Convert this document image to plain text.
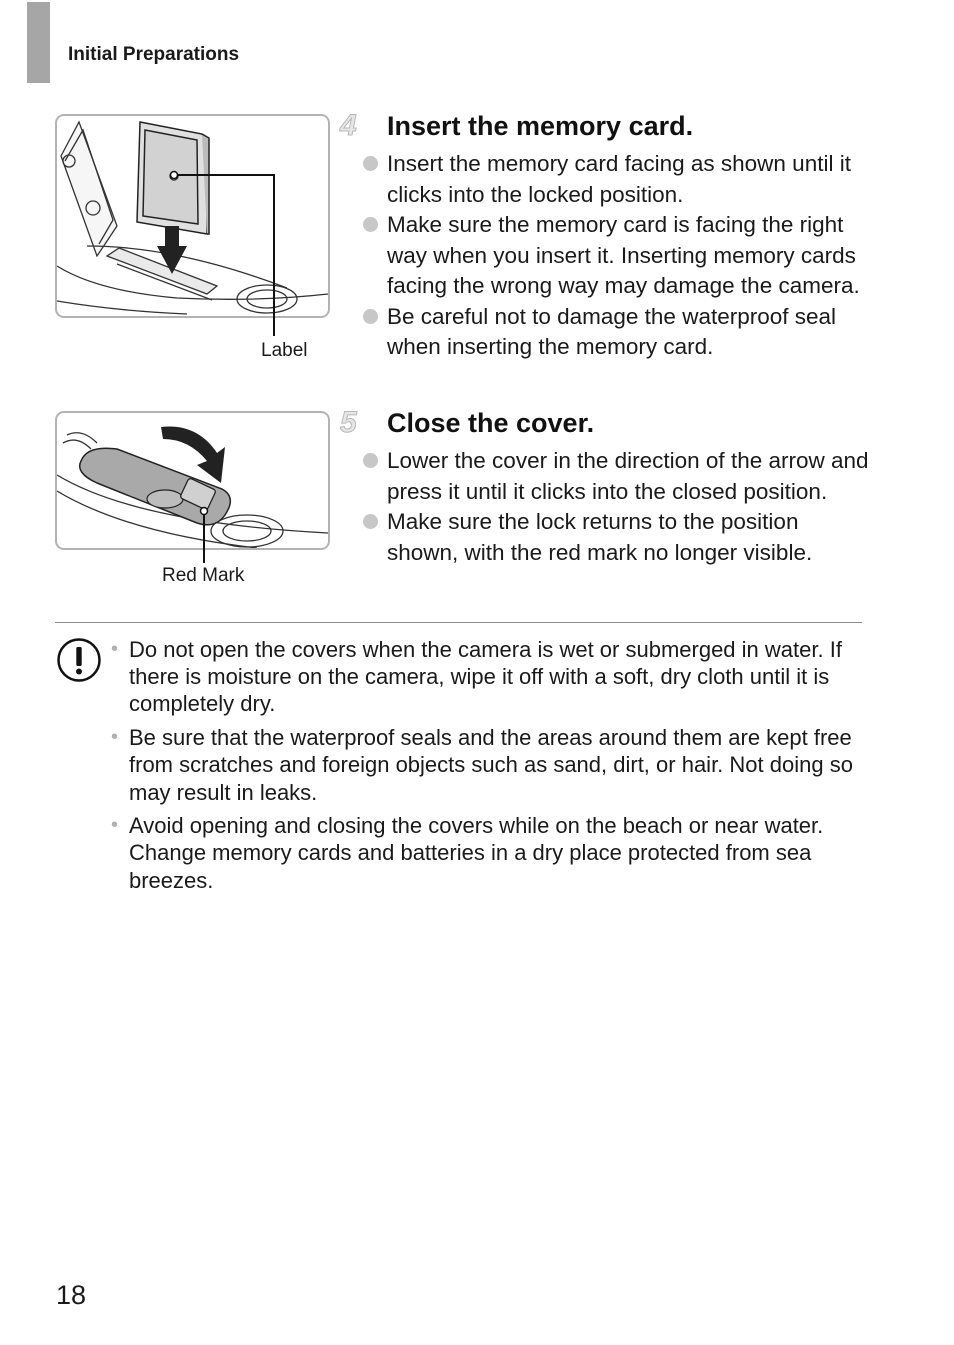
Initial Preparations
Label
Red Mark
4	Insert the memory card.
Insert the memory card facing as shown until it clicks into the locked position.
Make sure the memory card is facing the right way when you insert it. Inserting memory cards facing the wrong way may damage the camera.
Be careful not to damage the waterproof seal when inserting the memory card.
5	Close the cover.
Lower the cover in the direction of the arrow and press it until it clicks into the closed position.
Make sure the lock returns to the position shown, with the red mark no longer visible.
• Do not open the covers when the camera is wet or submerged in water. If there is moisture on the camera, wipe it off with a soft, dry cloth until it is completely dry.
• Be sure that the waterproof seals and the areas around them are kept free from scratches and foreign objects such as sand, dirt, or hair. Not doing so may result in leaks.
• Avoid opening and closing the covers while on the beach or near water. Change memory cards and batteries in a dry place protected from sea breezes.
18
